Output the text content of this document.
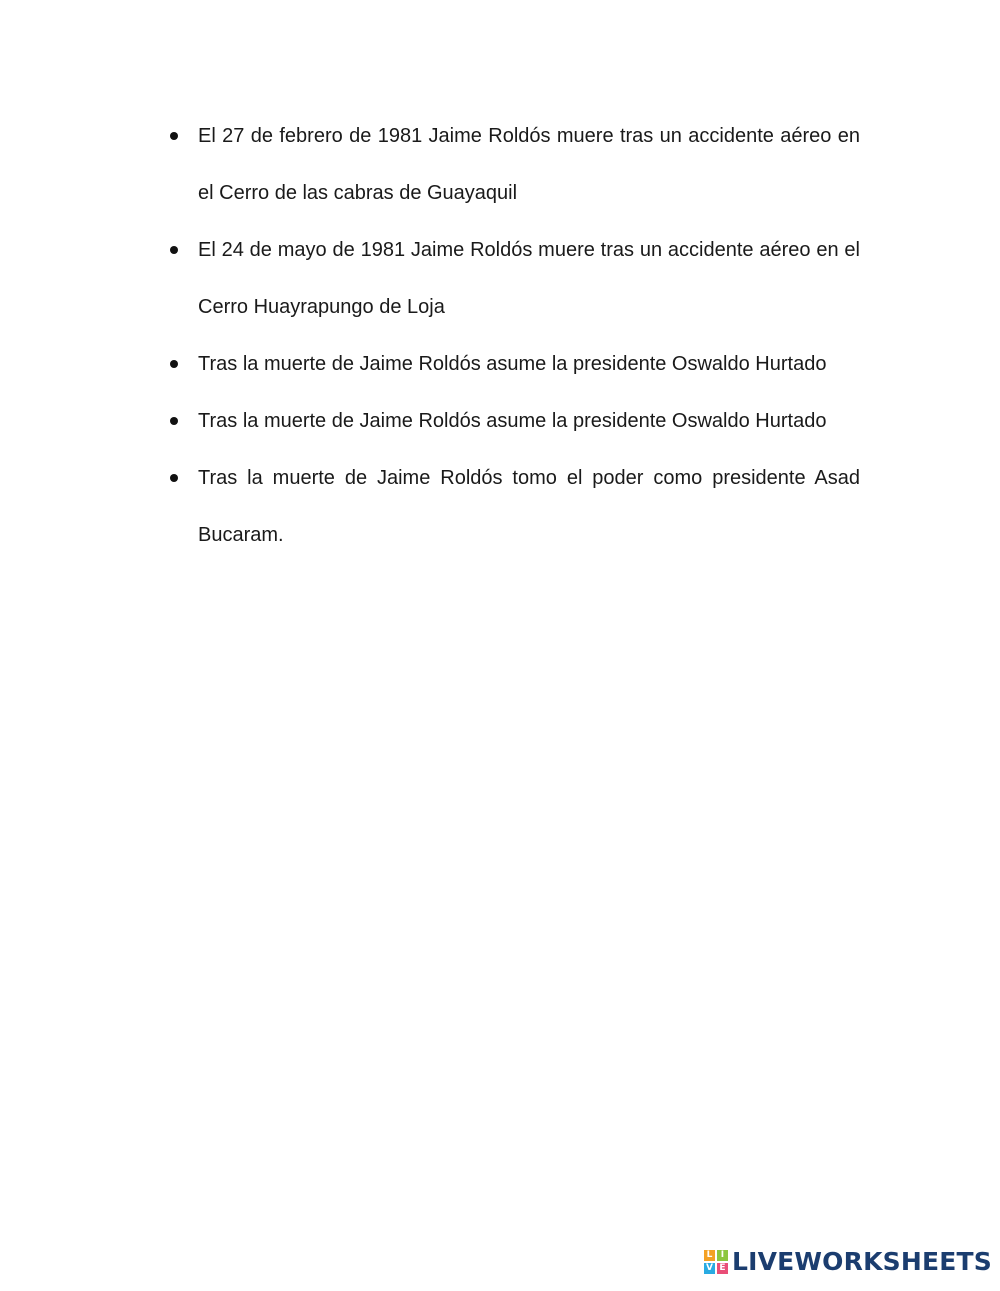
El 27 de febrero de 1981 Jaime Roldós muere tras un accidente aéreo en el Cerro de las cabras de Guayaquil
El 24 de mayo de 1981 Jaime Roldós muere tras un accidente aéreo en el Cerro Huayrapungo de Loja
Tras la muerte de Jaime Roldós asume la presidente Oswaldo Hurtado
Tras la muerte de Jaime Roldós asume la presidente Oswaldo Hurtado
Tras la muerte de Jaime Roldós tomo el poder como presidente Asad Bucaram.
L I
V E LIVEWORKSHEETS
